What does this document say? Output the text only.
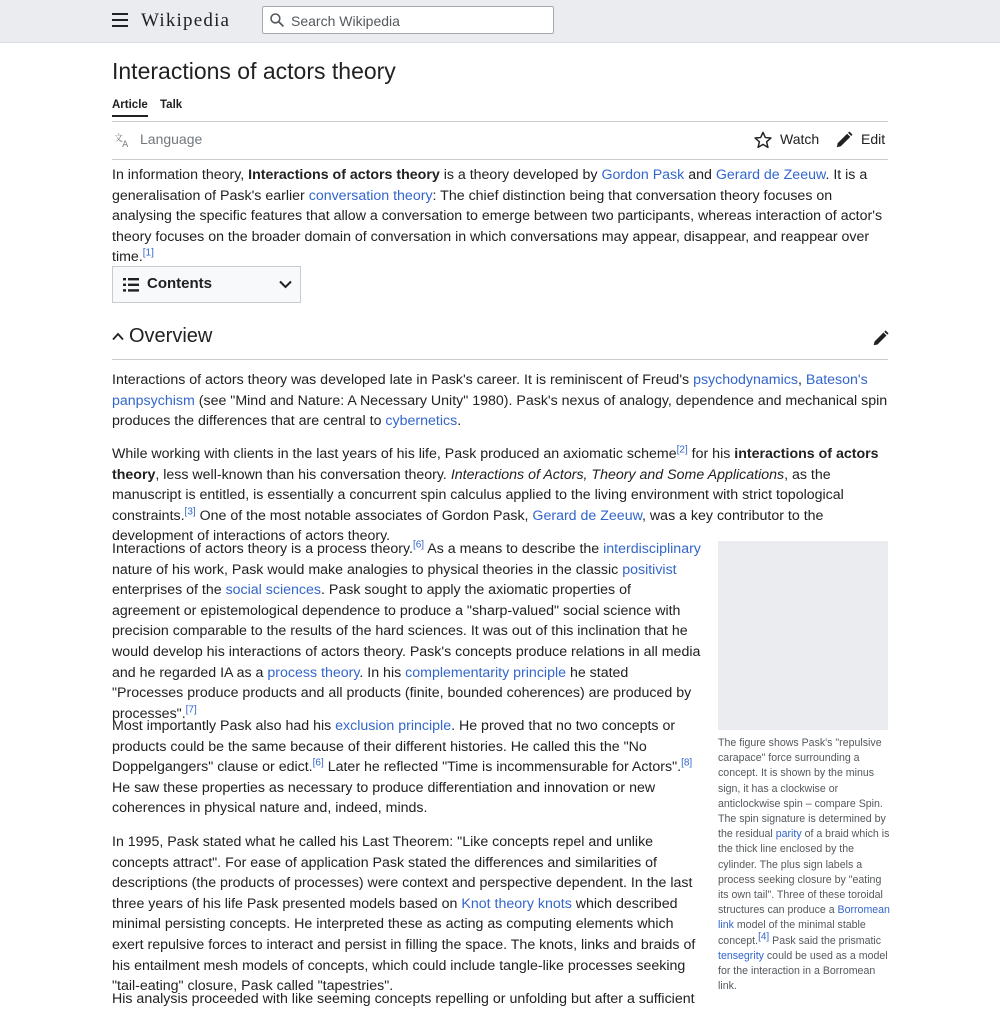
Wikipedia
Search Wikipedia
Interactions of actors theory
Article Talk
文
A Language	Watch	Edit

In information theory, Interactions of actors theory is a theory developed by Gordon Pask and Gerard de Zeeuw. It is a generalisation of Pask's earlier conversation theory: The chief distinction being that conversation theory focuses on analysing the specific features that allow a conversation to emerge between two participants, whereas interaction of actor's theory focuses on the broader domain of conversation in which conversations may appear, disappear, and reappear over time.[1]

Contents
Overview

Interactions of actors theory was developed late in Pask's career. It is reminiscent of Freud's psychodynamics, Bateson's panpsychism (see "Mind and Nature: A Necessary Unity" 1980). Pask's nexus of analogy, dependence and mechanical spin produces the differences that are central to cybernetics.

While working with clients in the last years of his life, Pask produced an axiomatic scheme[2] for his interactions of actors theory, less well-known than his conversation theory. Interactions of Actors, Theory and Some Applications, as the manuscript is entitled, is essentially a concurrent spin calculus applied to the living environment with strict topological constraints.[3] One of the most notable associates of Gordon Pask, Gerard de Zeeuw, was a key contributor to the development of interactions of actors theory.

Interactions of actors theory is a process theory.[6] As a means to describe the interdisciplinary nature of his work, Pask would make analogies to physical theories in the classic positivist enterprises of the social sciences. Pask sought to apply the axiomatic properties of agreement or epistemological dependence to produce a "sharp-valued" social science with precision comparable to the results of the hard sciences. It was out of this inclination that he would develop his interactions of actors theory. Pask's concepts produce relations in all media and he regarded IA as a process theory. In his complementarity principle he stated "Processes produce products and all products (finite, bounded coherences) are produced by processes".[7]

Most importantly Pask also had his exclusion principle. He proved that no two concepts or products could be the same because of their different histories. He called this the "No Doppelgangers" clause or edict.[6] Later he reflected "Time is incommensurable for Actors".[8] He saw these properties as necessary to produce differentiation and innovation or new coherences in physical nature and, indeed, minds.

In 1995, Pask stated what he called his Last Theorem: "Like concepts repel and unlike concepts attract". For ease of application Pask stated the differences and similarities of descriptions (the products of processes) were context and perspective dependent. In the last three years of his life Pask presented models based on Knot theory knots which described minimal persisting concepts. He interpreted these as acting as computing elements which exert repulsive forces to interact and persist in filling the space. The knots, links and braids of his entailment mesh models of concepts, which could include tangle-like processes seeking "tail-eating" closure, Pask called "tapestries".

His analysis proceeded with like seeming concepts repelling or unfolding but after a sufficient

The figure shows Pask's "repulsive carapace" force surrounding a concept. It is shown by the minus sign, it has a clockwise or anticlockwise spin – compare Spin. The spin signature is determined by the residual parity of a braid which is the thick line enclosed by the cylinder. The plus sign labels a process seeking closure by "eating its own tail". Three of these toroidal structures can produce a Borromean link model of the minimal stable concept.[4] Pask said the prismatic tensegrity could be used as a model for the interaction in a Borromean link.
